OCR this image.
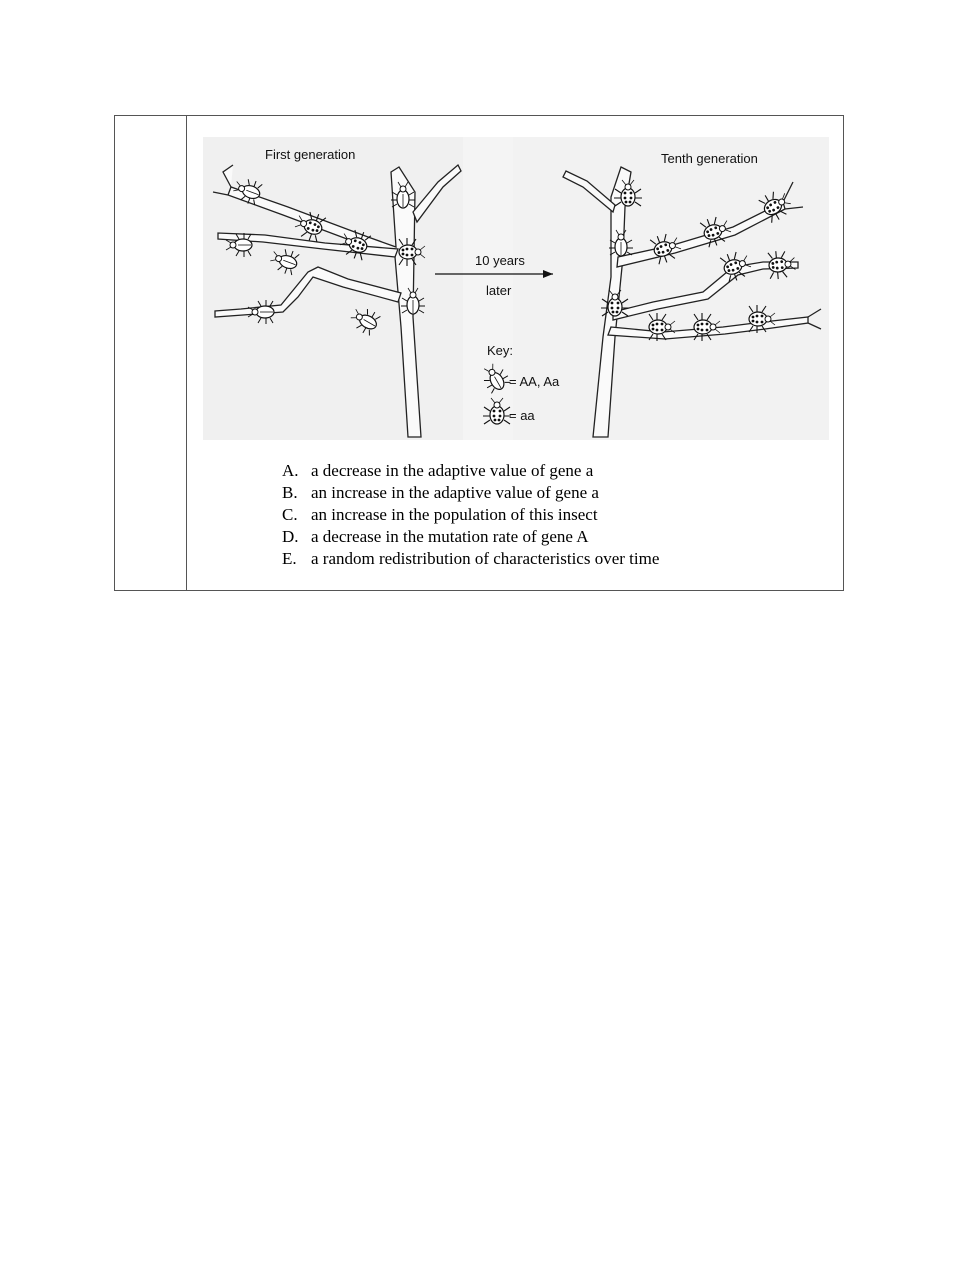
First generation
10 years
later
Tenth generation
Key:
= AA, Aa
= aa
A. a decrease in the adaptive value of gene a
B. an increase in the adaptive value of gene a
C. an increase in the population of this insect
D. a decrease in the mutation rate of gene A
E. a random redistribution of characteristics over time
